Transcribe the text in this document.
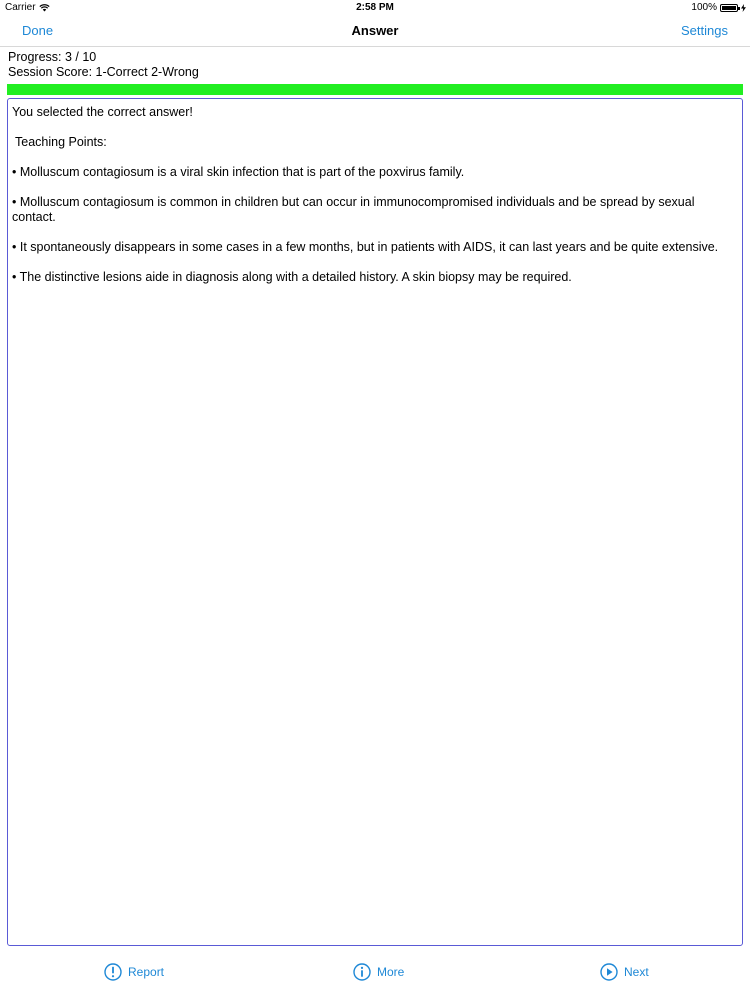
Carrier	2:58 PM	100%
Done	Answer	Settings
Progress: 3 / 10
Session Score: 1-Correct 2-Wrong

You selected the correct answer!

Teaching Points:

• Molluscum contagiosum is a viral skin infection that is part of the poxvirus family.

• Molluscum contagiosum is common in children but can occur in immunocompromised individuals and be spread by sexual contact.

• It spontaneously disappears in some cases in a few months, but in patients with AIDS, it can last years and be quite extensive.

• The distinctive lesions aide in diagnosis along with a detailed history. A skin biopsy may be required.

Report	More	Next
